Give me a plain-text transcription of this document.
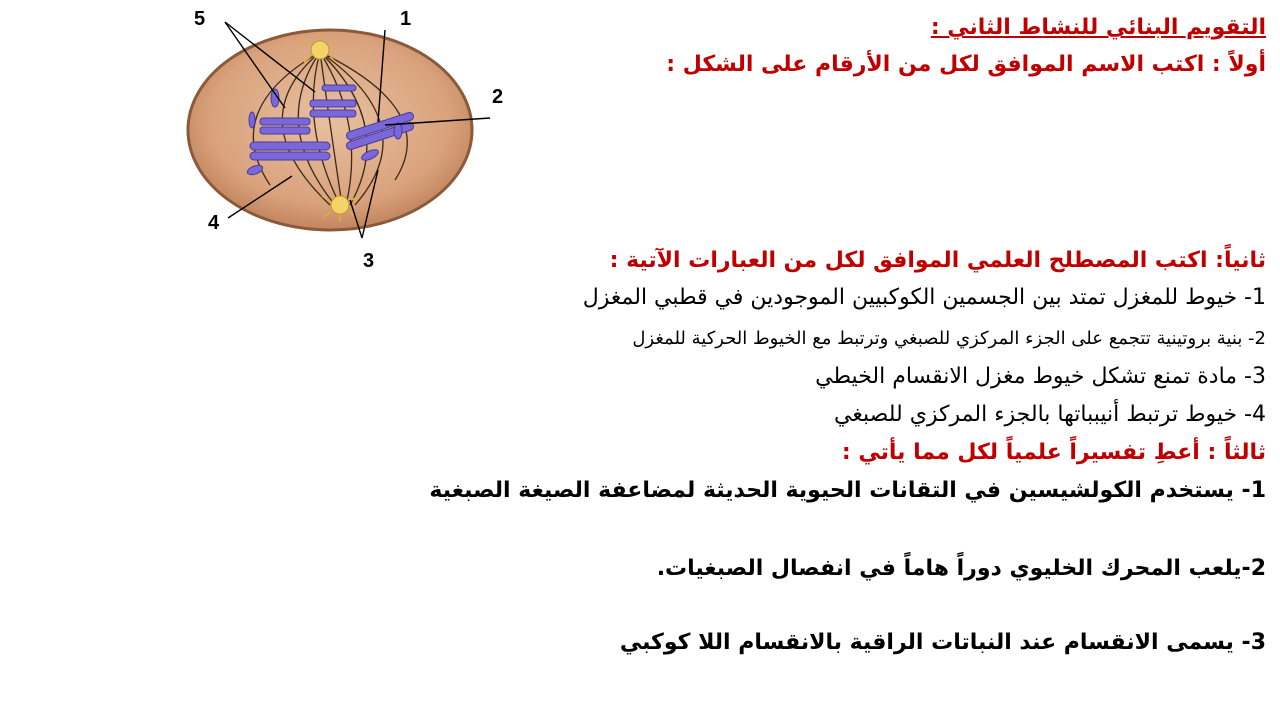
5	1
2
4
3
التقويم البنائي للنشاط الثاني :
أولاً : اكتب الاسم الموافق لكل من الأرقام على الشكل :
ثانياً: اكتب المصطلح العلمي الموافق لكل من العبارات الآتية :
1- خيوط للمغزل تمتد بين الجسمين الكوكبيين الموجودين في قطبي المغزل
2- بنية بروتينية تتجمع على الجزء المركزي للصبغي وترتبط مع الخيوط الحركية للمغزل
3- مادة تمنع تشكل خيوط مغزل الانقسام الخيطي
4- خيوط ترتبط أنيبباتها بالجزء المركزي للصبغي
ثالثاً : أعطِ تفسيراً علمياً لكل مما يأتي :
1- يستخدم الكولشيسين في التقانات الحيوية الحديثة لمضاعفة الصيغة الصبغية
2-يلعب المحرك الخليوي دوراً هاماً في انفصال الصبغيات.
3- يسمى الانقسام عند النباتات الراقية بالانقسام اللا كوكبي
